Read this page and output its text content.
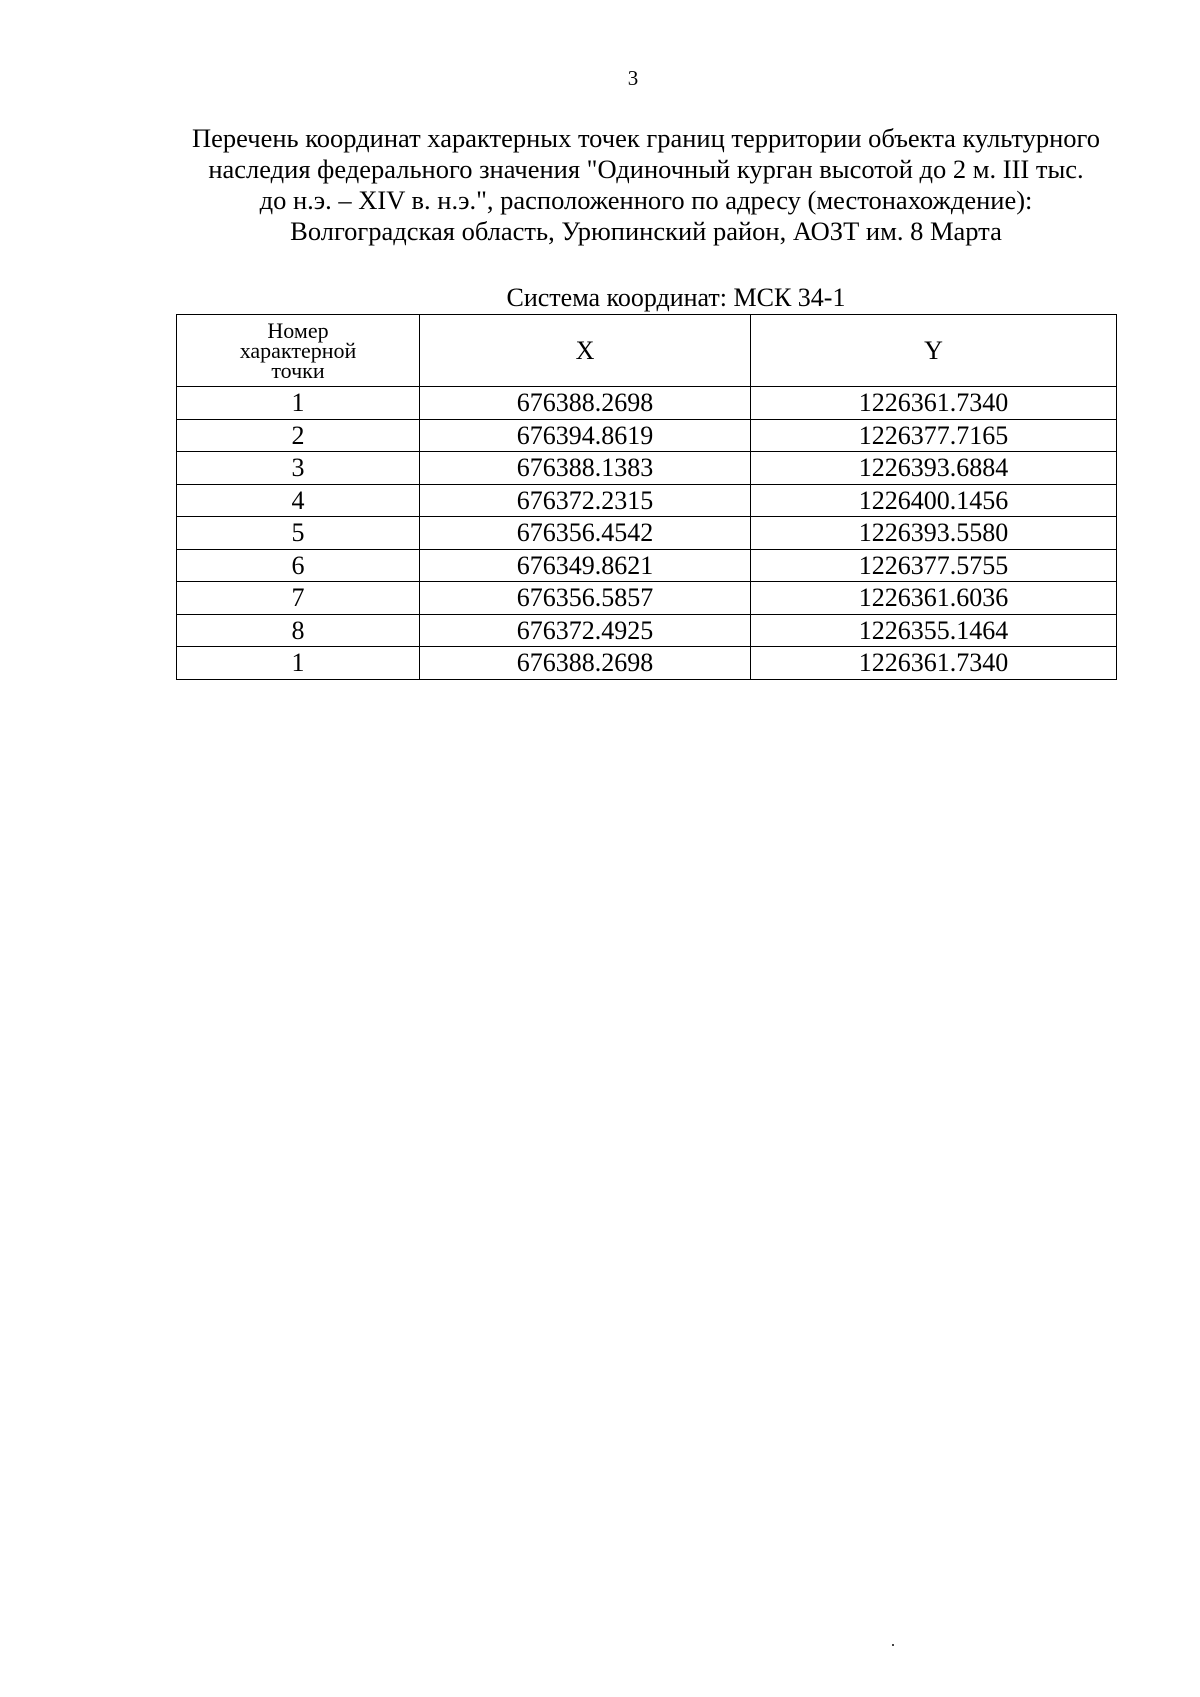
3
Перечень координат характерных точек границ территории объекта культурного
наследия федерального значения "Одиночный курган высотой до 2 м. III тыс.
до н.э. – XIV в. н.э.", расположенного по адресу (местонахождение):
Волгоградская область, Урюпинский район, АОЗТ им. 8 Марта
Система координат: МСК 34-1
Номер
характерной
точки	X	Y
1	676388.2698	1226361.7340
2	676394.8619	1226377.7165
3	676388.1383	1226393.6884
4	676372.2315	1226400.1456
5	676356.4542	1226393.5580
6	676349.8621	1226377.5755
7	676356.5857	1226361.6036
8	676372.4925	1226355.1464
1	676388.2698	1226361.7340
